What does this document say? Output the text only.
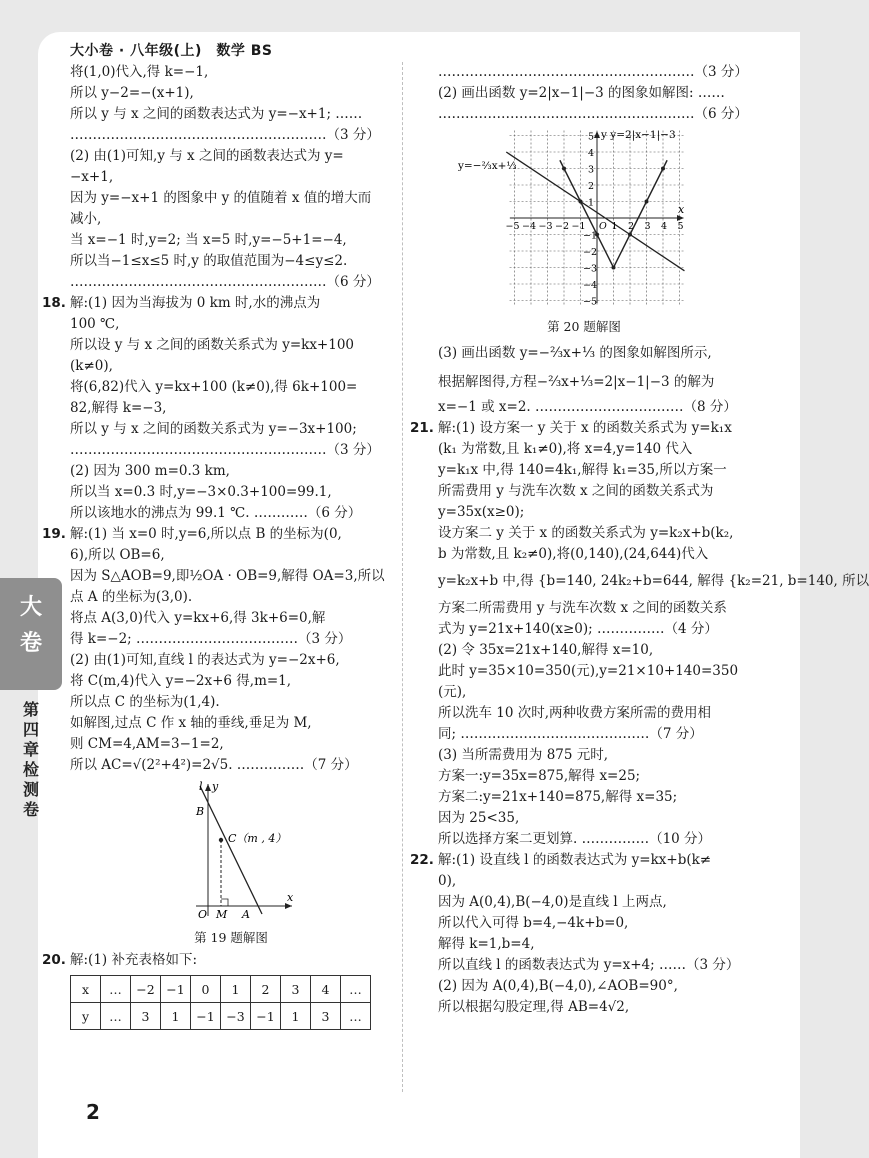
大小卷 · 八年级(上)　数学 BS
大
卷
第
四
章
检
测
卷
将(1,0)代入,得 k=−1,
所以 y−2=−(x+1),
所以 y 与 x 之间的函数表达式为 y=−x+1; ……
…………………………………………………（3 分）
(2) 由(1)可知,y 与 x 之间的函数表达式为 y=
−x+1,
因为 y=−x+1 的图象中 y 的值随着 x 值的增大而
减小,
当 x=−1 时,y=2; 当 x=5 时,y=−5+1=−4,
所以当−1≤x≤5 时,y 的取值范围为−4≤y≤2.
…………………………………………………（6 分）
18. 解:(1) 因为当海拔为 0 km 时,水的沸点为
100 ℃,
所以设 y 与 x 之间的函数关系式为 y=kx+100
(k≠0),
将(6,82)代入 y=kx+100 (k≠0),得 6k+100=
82,解得 k=−3,
所以 y 与 x 之间的函数关系式为 y=−3x+100;
…………………………………………………（3 分）
(2) 因为 300 m=0.3 km,
所以当 x=0.3 时,y=−3×0.3+100=99.1,
所以该地水的沸点为 99.1 ℃. …………（6 分）
19. 解:(1) 当 x=0 时,y=6,所以点 B 的坐标为(0,
6),所以 OB=6,
因为 S△AOB=9,即½OA · OB=9,解得 OA=3,所以
点 A 的坐标为(3,0).
将点 A(3,0)代入 y=kx+6,得 3k+6=0,解
得 k=−2; ………………………………（3 分）
(2) 由(1)可知,直线 l 的表达式为 y=−2x+6,
将 C(m,4)代入 y=−2x+6 得,m=1,
所以点 C 的坐标为(1,4).
如解图,过点 C 作 x 轴的垂线,垂足为 M,
则 CM=4,AM=3−1=2,
所以 AC=√(2²+4²)=2√5. ……………（7 分）
l y
x
B
C（m , 4）
O M A
第 19 题解图
20. 解:(1) 补充表格如下:
x	…	−2	−1	0	1	2	3	4	…
y	…	3	1	−1	−3	−1	1	3	…
…………………………………………………（3 分）
(2) 画出函数 y=2|x−1|−3 的图象如解图: ……
…………………………………………………（6 分）
−5 −4 −3 −2 −1 O 1 2 3 4 5
5
4
3
2
1
−1
−2
−3
−4
−5
y y=2|x−1|−3
y=−⅔x+⅓
x
第 20 题解图
(3) 画出函数 y=−⅔x+⅓ 的图象如解图所示,
根据解图得,方程−⅔x+⅓=2|x−1|−3 的解为
x=−1 或 x=2. ……………………………（8 分）
21. 解:(1) 设方案一 y 关于 x 的函数关系式为 y=k₁x
(k₁ 为常数,且 k₁≠0),将 x=4,y=140 代入
y=k₁x 中,得 140=4k₁,解得 k₁=35,所以方案一
所需费用 y 与洗车次数 x 之间的函数关系式为
y=35x(x≥0);
设方案二 y 关于 x 的函数关系式为 y=k₂x+b(k₂,
b 为常数,且 k₂≠0),将(0,140),(24,644)代入
y=k₂x+b 中,得 {b=140, 24k₂+b=644, 解得 {k₂=21, b=140, 所以
方案二所需费用 y 与洗车次数 x 之间的函数关系
式为 y=21x+140(x≥0); ……………（4 分）
(2) 令 35x=21x+140,解得 x=10,
此时 y=35×10=350(元),y=21×10+140=350
(元),
所以洗车 10 次时,两种收费方案所需的费用相
同; ……………………………………（7 分）
(3) 当所需费用为 875 元时,
方案一:y=35x=875,解得 x=25;
方案二:y=21x+140=875,解得 x=35;
因为 25<35,
所以选择方案二更划算. ……………（10 分）
22. 解:(1) 设直线 l 的函数表达式为 y=kx+b(k≠
0),
因为 A(0,4),B(−4,0)是直线 l 上两点,
所以代入可得 b=4,−4k+b=0,
解得 k=1,b=4,
所以直线 l 的函数表达式为 y=x+4; ……（3 分）
(2) 因为 A(0,4),B(−4,0),∠AOB=90°,
所以根据勾股定理,得 AB=4√2,
2
